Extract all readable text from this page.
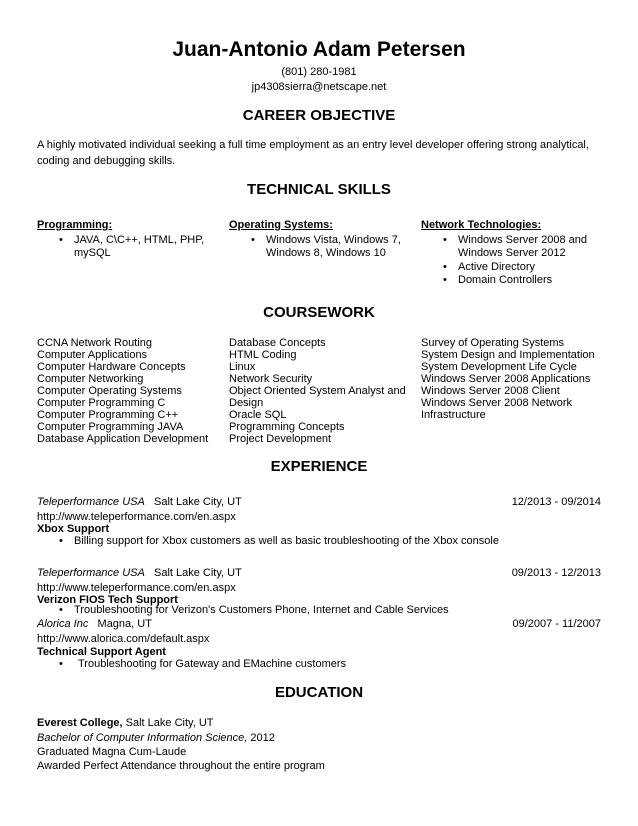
Juan-Antonio Adam Petersen
(801) 280-1981
jp4308sierra@netscape.net
CAREER OBJECTIVE
A highly motivated individual seeking a full time employment as an entry level developer offering strong analytical, coding and debugging skills.
TECHNICAL SKILLS
Programming:
• JAVA, C\C++, HTML, PHP, mySQL
Operating Systems:
• Windows Vista, Windows 7, Windows 8, Windows 10
Network Technologies:
• Windows Server 2008 and Windows Server 2012
• Active Directory
• Domain Controllers
COURSEWORK
CCNA Network Routing
Computer Applications
Computer Hardware Concepts
Computer Networking
Computer Operating Systems
Computer Programming C
Computer Programming C++
Computer Programming JAVA
Database Application Development
Database Concepts
HTML Coding
Linux
Network Security
Object Oriented System Analyst and
Design
Oracle SQL
Programming Concepts
Project Development
Survey of Operating Systems
System Design and Implementation
System Development Life Cycle
Windows Server 2008 Applications
Windows Server 2008 Client
Windows Server 2008 Network
Infrastructure
EXPERIENCE
Teleperformance USA Salt Lake City, UT	12/2013 - 09/2014
http://www.teleperformance.com/en.aspx
Xbox Support
• Billing support for Xbox customers as well as basic troubleshooting of the Xbox console
Teleperformance USA Salt Lake City, UT	09/2013 - 12/2013
http://www.teleperformance.com/en.aspx
Verizon FIOS Tech Support
• Troubleshooting for Verizon's Customers Phone, Internet and Cable Services
Alorica Inc Magna, UT	09/2007 - 11/2007
http://www.alorica.com/default.aspx
Technical Support Agent
• Troubleshooting for Gateway and EMachine customers
EDUCATION
Everest College, Salt Lake City, UT
Bachelor of Computer Information Science, 2012
Graduated Magna Cum-Laude
Awarded Perfect Attendance throughout the entire program
